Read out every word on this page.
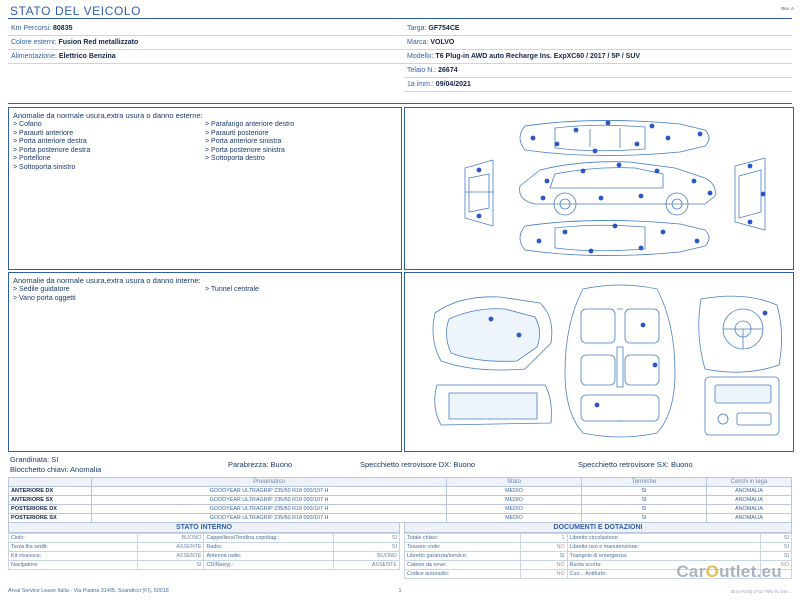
Rev. A
STATO DEL VEICOLO
Km Percorsi: 80835
Colore esterni: Fusion Red metallizzato
Alimentazione: Elettrico Benzina
Targa: GF754CE
Marca: VOLVO
Modello: T6 Plug-in AWD auto Recharge Ins. ExpXC60 / 2017 / 5P / SUV
Telaio N.: 26674
1a imm.: 09/04/2021
Anomalie da normale usura,extra usura o danno esterne:
> Cofano
> Paraurti anteriore
> Porta anteriore destra
> Porta posteriore destra
> Portellone
> Sottoporta sinistro
> Parafango anteriore destro
> Paraurti posteriore
> Porta anteriore sinistra
> Porta posteriore sinistra
> Sottoporta destro
Anomalie da normale usura,extra usura o danno interne:
> Sedile guidatore
> Vano porta oggetti
> Tunnel centrale
Grandinata: SI
Blocchetto chiavi: Anomalia
Parabrezza: Buono	Specchietto retrovisore DX: Buono	Specchietto retrovisore SX: Buono
	Pneumatico	Stato	Termiche	Cerchi in lega
ANTERIORE DX	GOODYEAR ULTRAGRIP 235/60 R18 000/107 H	MEDIO	SI	ANOMALIA
ANTERIORE SX	GOODYEAR ULTRAGRIP 235/60 R18 000/107 H	MEDIO	SI	ANOMALIA
POSTERIORE DX	GOODYEAR ULTRAGRIP 235/60 R18 000/107 H	MEDIO	SI	ANOMALIA
POSTERIORE SX	GOODYEAR ULTRAGRIP 235/60 R18 000/107 H	MEDIO	SI	ANOMALIA
STATO INTERNO
Cielo:	BUONO	Cappelliera/Tendina copribag.:	SI
Terza fila sedili:	ASSENTE	Radio:	SI
Kit vivavoce:	ASSENTE	Antenna radio:	BUONO
Navigatore:	SI	CD/Naviyj.:	ASSENTE
DOCUMENTI E DOTAZIONI
Totale chiavi:	1	Libretto circolazione:	SI
Tessere code:	NO	Libretto uso e manutenzione:	SI
Libretto garanzia/service:	SI	Triangolo di emergenza:	SI
Catene da neve:	NO	Ruota scorta:	NO
Codice autoradio:	NO	Cuo... Antifurto:		CarOutlet.eu
Arval Service Lease Italia - Via Pisana 314/B, Scandicci (FI), 50018	1	ID to-F2vQ-2?uz-?5fL-0c-24t-...
